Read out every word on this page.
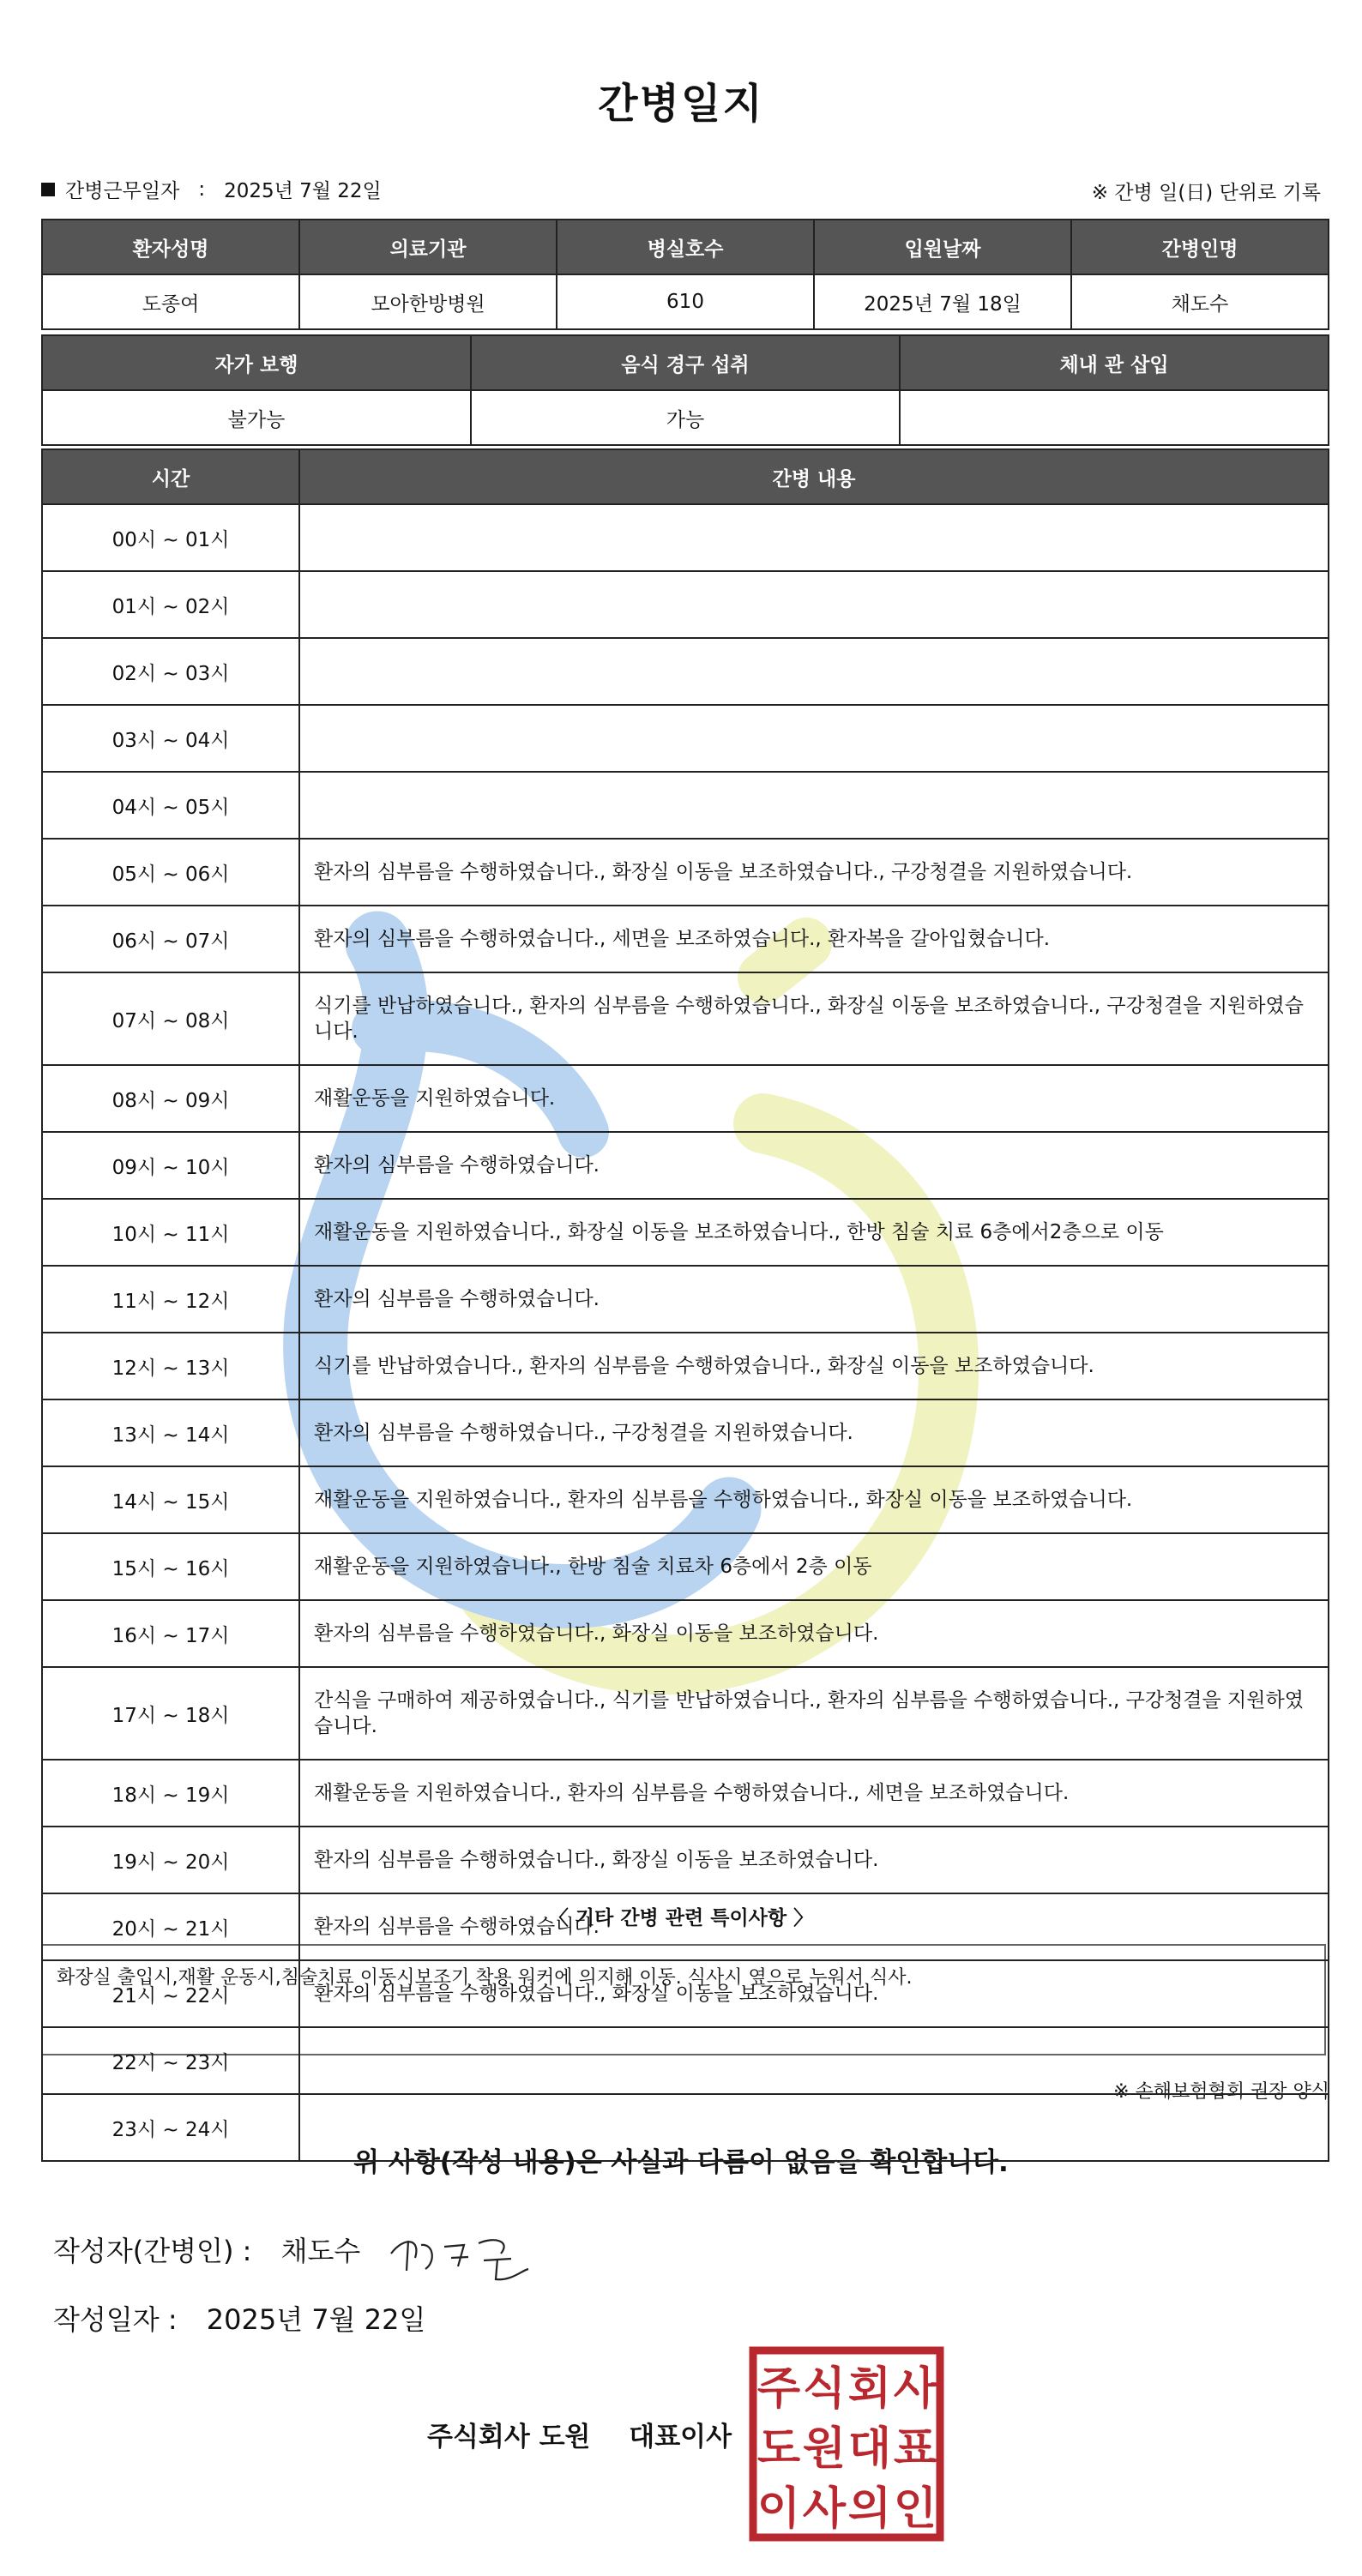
간병일지
간병근무일자 : 2025년 7월 22일	※ 간병 일(日) 단위로 기록
환자성명	의료기관	병실호수	입원날짜	간병인명
도종여	모아한방병원	610	2025년 7월 18일	채도수
자가 보행	음식 경구 섭취	체내 관 삽입
불가능	가능	
시간	간병 내용
00시 ~ 01시	
01시 ~ 02시	
02시 ~ 03시	
03시 ~ 04시	
04시 ~ 05시	
05시 ~ 06시	환자의 심부름을 수행하였습니다., 화장실 이동을 보조하였습니다., 구강청결을 지원하였습니다.
06시 ~ 07시	환자의 심부름을 수행하였습니다., 세면을 보조하였습니다., 환자복을 갈아입혔습니다.
07시 ~ 08시	식기를 반납하였습니다., 환자의 심부름을 수행하였습니다., 화장실 이동을 보조하였습니다., 구강청결을 지원하였습니다.
08시 ~ 09시	재활운동을 지원하였습니다.
09시 ~ 10시	환자의 심부름을 수행하였습니다.
10시 ~ 11시	재활운동을 지원하였습니다., 화장실 이동을 보조하였습니다., 한방 침술 치료 6층에서2층으로 이동
11시 ~ 12시	환자의 심부름을 수행하였습니다.
12시 ~ 13시	식기를 반납하였습니다., 환자의 심부름을 수행하였습니다., 화장실 이동을 보조하였습니다.
13시 ~ 14시	환자의 심부름을 수행하였습니다., 구강청결을 지원하였습니다.
14시 ~ 15시	재활운동을 지원하였습니다., 환자의 심부름을 수행하였습니다., 화장실 이동을 보조하였습니다.
15시 ~ 16시	재활운동을 지원하였습니다., 한방 침술 치료차 6층에서 2층 이동
16시 ~ 17시	환자의 심부름을 수행하였습니다., 화장실 이동을 보조하였습니다.
17시 ~ 18시	간식을 구매하여 제공하였습니다., 식기를 반납하였습니다., 환자의 심부름을 수행하였습니다., 구강청결을 지원하였습니다.
18시 ~ 19시	재활운동을 지원하였습니다., 환자의 심부름을 수행하였습니다., 세면을 보조하였습니다.
19시 ~ 20시	환자의 심부름을 수행하였습니다., 화장실 이동을 보조하였습니다.
20시 ~ 21시	환자의 심부름을 수행하였습니다.
21시 ~ 22시	환자의 심부름을 수행하였습니다., 화장실 이동을 보조하였습니다.
22시 ~ 23시	
23시 ~ 24시	
〈 기타 간병 관련 특이사항 〉
화장실 출입시,재활 운동시,침술치료 이동시보조기 착용 워커에 의지해 이동. 식사시 옆으로 누워서 식사.
※ 손해보험협회 권장 양식
위 사항(작성 내용)은 사실과 다름이 없음을 확인합니다.
작성자(간병인) : 채도수
작성일자 : 2025년 7월 22일
주식회사 도원 대표이사
주 식 회 사
도 원 대 표
이 사 의 인
